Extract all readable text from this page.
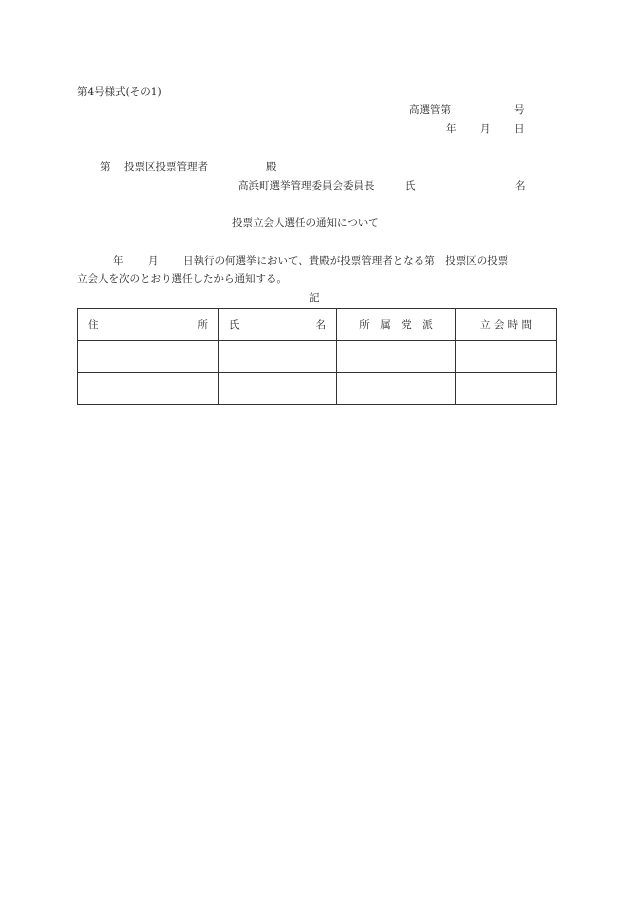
第4号様式(その1)
高選管第	号
年 月 日
第 投票区投票管理者	殿
高浜町選挙管理委員会委員長	氏	名
投票立会人選任の通知について
年 月 日執行の何選挙において、貴殿が投票管理者となる第　投票区の投票
立会人を次のとおり選任したから通知する。
記
住 所	氏 名	所　属　党　派	立 会 時 間
